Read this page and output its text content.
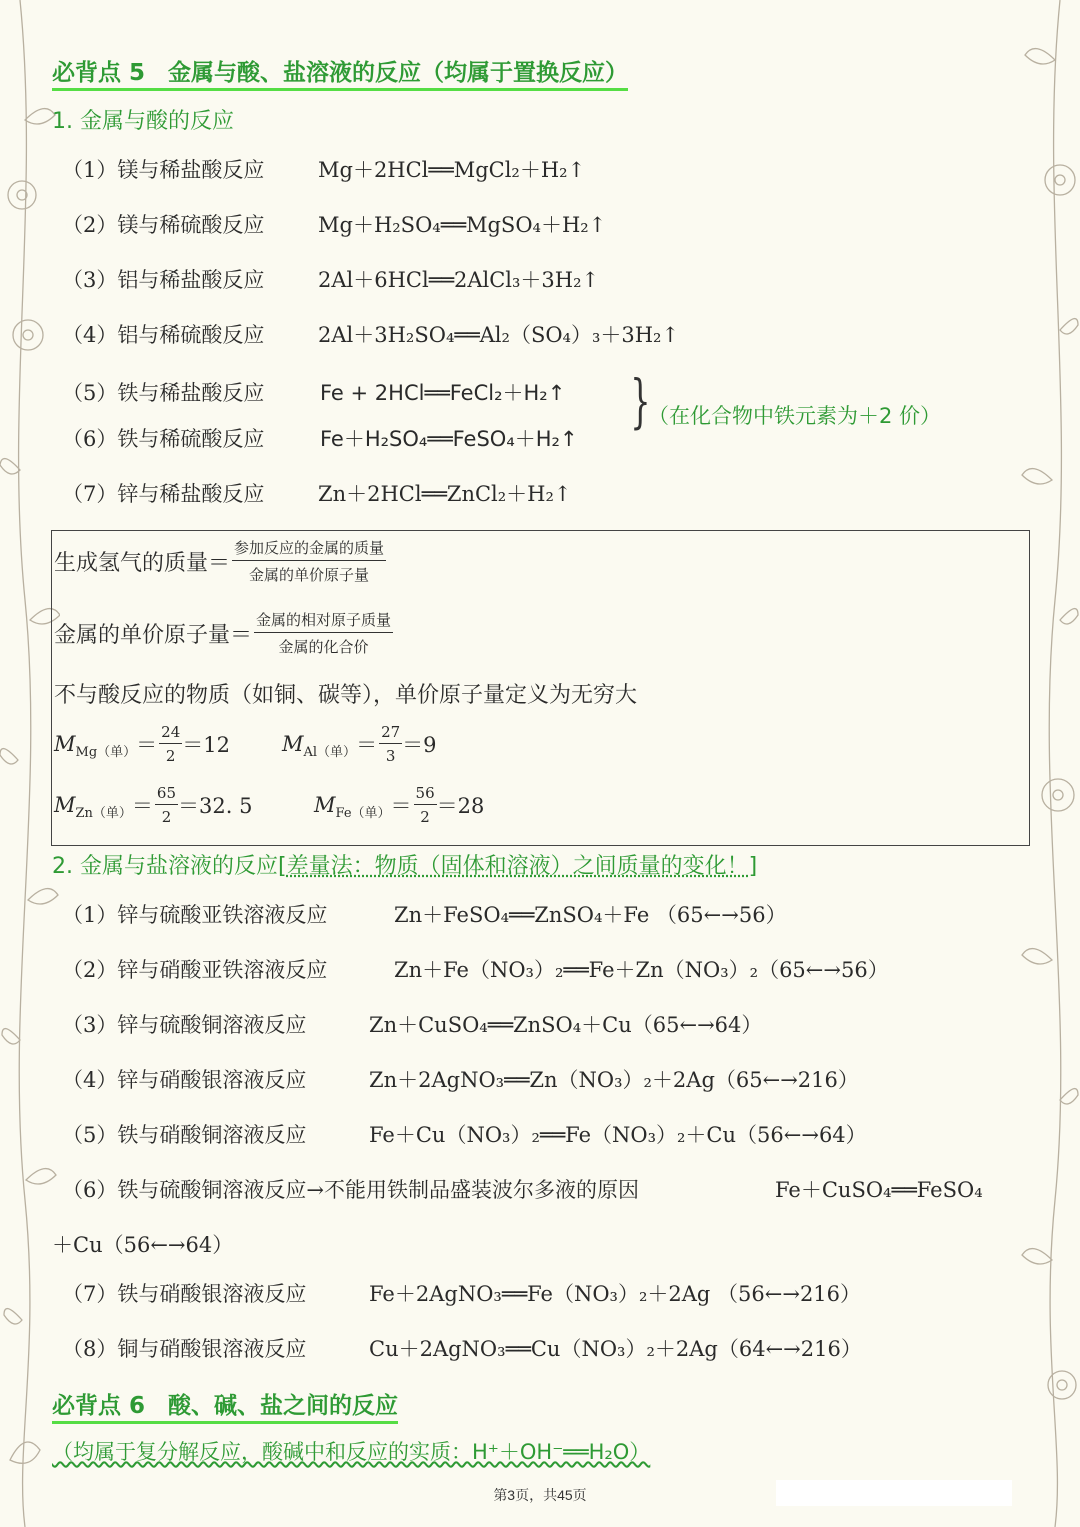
必背点 5　金属与酸、盐溶液的反应（均属于置换反应）
1. 金属与酸的反应
（1）镁与稀盐酸反应	Mg＋2HCl══MgCl₂＋H₂↑
（2）镁与稀硫酸反应	Mg＋H₂SO₄══MgSO₄＋H₂↑
（3）铝与稀盐酸反应	2Al＋6HCl══2AlCl₃＋3H₂↑
（4）铝与稀硫酸反应	2Al＋3H₂SO₄══Al₂（SO₄）₃＋3H₂↑
（5）铁与稀盐酸反应	Fe + 2HCl══FeCl₂＋H₂↑
（6）铁与稀硫酸反应	Fe＋H₂SO₄══FeSO₄＋H₂↑
}
（在化合物中铁元素为＋2 价）
（7）锌与稀盐酸反应	Zn＋2HCl══ZnCl₂＋H₂↑
生成氢气的质量＝ $\frac{\text{参加反应的金属的质量}}{\text{金属的单价原子量}}$
金属的单价原子量＝ $\frac{\text{金属的相对原子质量}}{\text{金属的化合价}}$
不与酸反应的物质（如铜、碳等），单价原子量定义为无穷大
M Mg（单） ＝ $\frac{24}{2} =12$ M Al（单） ＝ $\frac{27}{3} =9$
M Zn（单） ＝ $\frac{65}{2} =32$. 5	M Fe（单） ＝ $\frac{56}{2} =28$
2. 金属与盐溶液的反应[差量法：物质（固体和溶液）之间质量的变化！]
（1）锌与硫酸亚铁溶液反应	Zn＋FeSO₄══ZnSO₄＋Fe （65←→56）
（2）锌与硝酸亚铁溶液反应	Zn＋Fe（NO₃）₂══Fe＋Zn（NO₃）₂（65←→56）
（3）锌与硫酸铜溶液反应	Zn＋CuSO₄══ZnSO₄＋Cu（65←→64）
（4）锌与硝酸银溶液反应	Zn＋2AgNO₃══Zn（NO₃）₂＋2Ag（65←→216）
（5）铁与硝酸铜溶液反应	Fe＋Cu（NO₃）₂══Fe（NO₃）₂＋Cu（56←→64）
（6）铁与硫酸铜溶液反应→不能用铁制品盛装波尔多液的原因	Fe＋CuSO₄══FeSO₄
＋Cu（56←→64）
（7）铁与硝酸银溶液反应	Fe＋2AgNO₃══Fe（NO₃）₂＋2Ag （56←→216）
（8）铜与硝酸银溶液反应	Cu＋2AgNO₃══Cu（NO₃）₂＋2Ag（64←→216）
必背点 6　酸、碱、盐之间的反应
（均属于复分解反应，酸碱中和反应的实质：H⁺＋OH⁻══H₂O）
第3页，共45页
